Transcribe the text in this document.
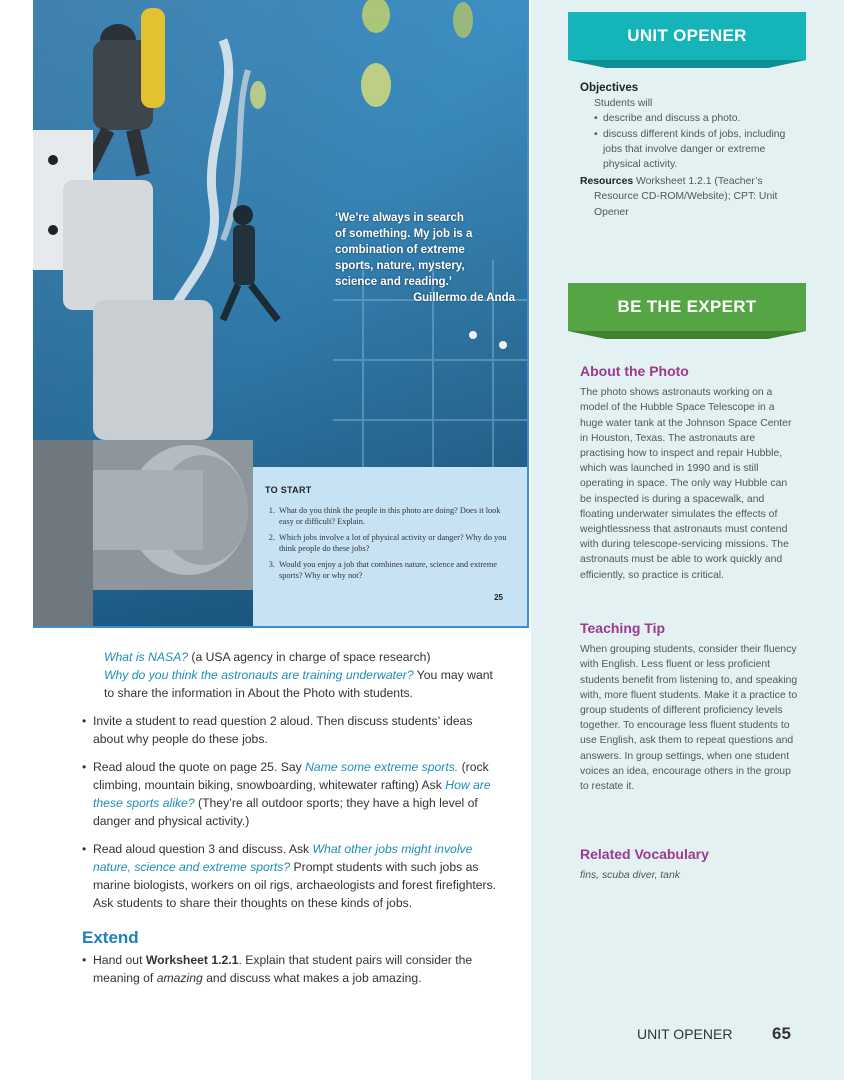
‘We’re always in search
of something. My job is a
combination of extreme
sports, nature, mystery,
science and reading.’
Guillermo de Anda
TO START
1. What do you think the people in this photo are doing? Does it look easy or difficult? Explain.
2. Which jobs involve a lot of physical activity or danger? Why do you think people do these jobs?
3. Would you enjoy a job that combines nature, science and extreme sports? Why or why not?
25

What is NASA? (a USA agency in charge of space research)

Why do you think the astronauts are training underwater? You may want to share the information in About the Photo with students.

• Invite a student to read question 2 aloud. Then discuss students’ ideas about why people do these jobs.

• Read aloud the quote on page 25. Say Name some extreme sports. (rock climbing, mountain biking, snowboarding, whitewater rafting) Ask How are these sports alike? (They’re all outdoor sports; they have a high level of danger and physical activity.)

• Read aloud question 3 and discuss. Ask What other jobs might involve nature, science and extreme sports? Prompt students with such jobs as marine biologists, workers on oil rigs, archaeologists and forest firefighters. Ask students to share their thoughts on these kinds of jobs.

Extend

• Hand out Worksheet 1.2.1. Explain that student pairs will consider the meaning of amazing and discuss what makes a job amazing.

UNIT OPENER
Objectives
Students will
• describe and discuss a photo.
• discuss different kinds of jobs, including jobs that involve danger or extreme physical activity.
Resources Worksheet 1.2.1 (Teacher’s Resource CD-ROM/Website); CPT: Unit Opener
BE THE EXPERT
About the Photo
The photo shows astronauts working on a model of the Hubble Space Telescope in a huge water tank at the Johnson Space Center in Houston, Texas. The astronauts are practising how to inspect and repair Hubble, which was launched in 1990 and is still operating in space. The only way Hubble can be inspected is during a spacewalk, and floating underwater simulates the effects of weightlessness that astronauts must contend with during telescope-servicing missions. The astronauts must be able to work quickly and efficiently, so practice is critical.
Teaching Tip
When grouping students, consider their fluency with English. Less fluent or less proficient students benefit from listening to, and speaking with, more fluent students. Make it a practice to group students of different proficiency levels together. To encourage less fluent students to use English, ask them to repeat questions and answers. In group settings, when one student voices an idea, encourage others in the group to restate it.
Related Vocabulary
fins, scuba diver, tank
UNIT OPENER 65
